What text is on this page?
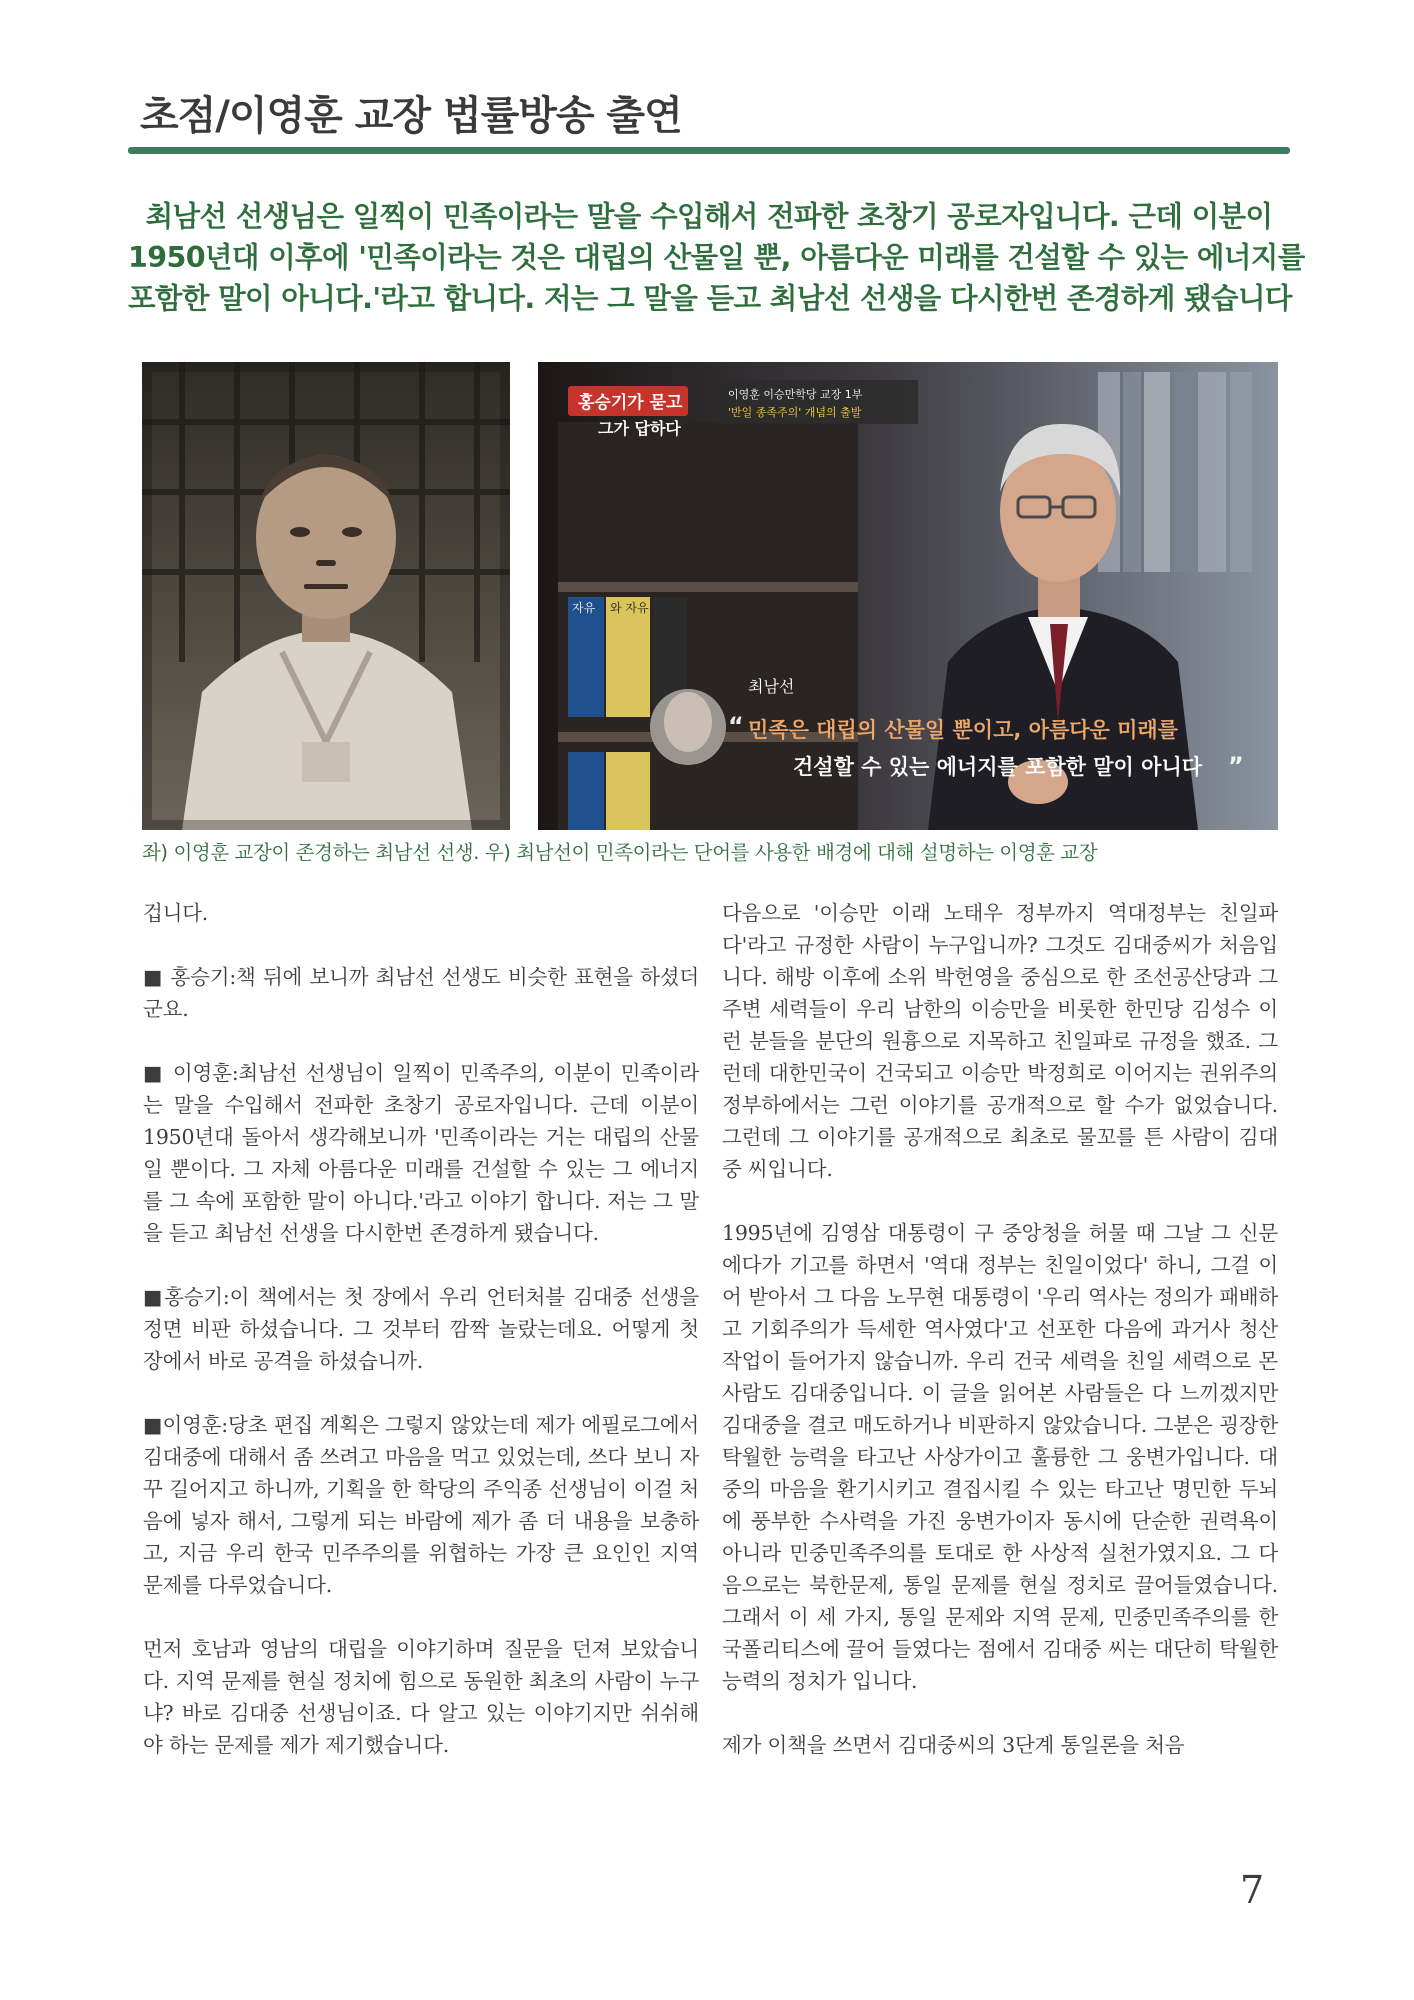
초점/이영훈 교장 법률방송 출연
최남선 선생님은 일찍이 민족이라는 말을 수입해서 전파한 초창기 공로자입니다. 근데 이분이
1950년대 이후에 '민족이라는 것은 대립의 산물일 뿐, 아름다운 미래를 건설할 수 있는 에너지를
포함한 말이 아니다.'라고 합니다. 저는 그 말을 듣고 최남선 선생을 다시한번 존경하게 됐습니다
홍승기가 묻고
그가 답하다
이영훈 이승만학당 교장 1부
'반일 종족주의' 개념의 출발
자유 와 자유
최남선
“ 민족은 대립의 산물일 뿐이고, 아름다운 미래를
건설할 수 있는 에너지를 포함한 말이 아니다 ”
좌) 이영훈 교장이 존경하는 최남선 선생. 우) 최남선이 민족이라는 단어를 사용한 배경에 대해 설명하는 이영훈 교장

겁니다.

■ 홍승기:책 뒤에 보니까 최남선 선생도 비슷한 표현을 하셨더군요.

■ 이영훈:최남선 선생님이 일찍이 민족주의, 이분이 민족이라는 말을 수입해서 전파한 초창기 공로자입니다. 근데 이분이 1950년대 돌아서 생각해보니까 '민족이라는 거는 대립의 산물일 뿐이다. 그 자체 아름다운 미래를 건설할 수 있는 그 에너지를 그 속에 포함한 말이 아니다.'라고 이야기 합니다. 저는 그 말을 듣고 최남선 선생을 다시한번 존경하게 됐습니다.

■홍승기:이 책에서는 첫 장에서 우리 언터처블 김대중 선생을 정면 비판 하셨습니다. 그 것부터 깜짝 놀랐는데요. 어떻게 첫 장에서 바로 공격을 하셨습니까.

■이영훈:당초 편집 계획은 그렇지 않았는데 제가 에필로그에서 김대중에 대해서 좀 쓰려고 마음을 먹고 있었는데, 쓰다 보니 자꾸 길어지고 하니까, 기획을 한 학당의 주익종 선생님이 이걸 처음에 넣자 해서, 그렇게 되는 바람에 제가 좀 더 내용을 보충하고, 지금 우리 한국 민주주의를 위협하는 가장 큰 요인인 지역 문제를 다루었습니다.

먼저 호남과 영남의 대립을 이야기하며 질문을 던져 보았습니다. 지역 문제를 현실 정치에 힘으로 동원한 최초의 사람이 누구냐? 바로 김대중 선생님이죠. 다 알고 있는 이야기지만 쉬쉬해야 하는 문제를 제가 제기했습니다.

다음으로 '이승만 이래 노태우 정부까지 역대정부는 친일파다'라고 규정한 사람이 누구입니까? 그것도 김대중씨가 처음입니다. 해방 이후에 소위 박헌영을 중심으로 한 조선공산당과 그 주변 세력들이 우리 남한의 이승만을 비롯한 한민당 김성수 이런 분들을 분단의 원흉으로 지목하고 친일파로 규정을 했죠. 그런데 대한민국이 건국되고 이승만 박정희로 이어지는 권위주의 정부하에서는 그런 이야기를 공개적으로 할 수가 없었습니다. 그런데 그 이야기를 공개적으로 최초로 물꼬를 튼 사람이 김대중 씨입니다.

1995년에 김영삼 대통령이 구 중앙청을 허물 때 그날 그 신문에다가 기고를 하면서 '역대 정부는 친일이었다' 하니, 그걸 이어 받아서 그 다음 노무현 대통령이 '우리 역사는 정의가 패배하고 기회주의가 득세한 역사였다'고 선포한 다음에 과거사 청산작업이 들어가지 않습니까. 우리 건국 세력을 친일 세력으로 몬 사람도 김대중입니다. 이 글을 읽어본 사람들은 다 느끼겠지만 김대중을 결코 매도하거나 비판하지 않았습니다. 그분은 굉장한 탁월한 능력을 타고난 사상가이고 훌륭한 그 웅변가입니다. 대중의 마음을 환기시키고 결집시킬 수 있는 타고난 명민한 두뇌에 풍부한 수사력을 가진 웅변가이자 동시에 단순한 권력욕이 아니라 민중민족주의를 토대로 한 사상적 실천가였지요. 그 다음으로는 북한문제, 통일 문제를 현실 정치로 끌어들였습니다. 그래서 이 세 가지, 통일 문제와 지역 문제, 민중민족주의를 한 국폴리티스에 끌어 들였다는 점에서 김대중 씨는 대단히 탁월한 능력의 정치가 입니다.

제가 이책을 쓰면서 김대중씨의 3단계 통일론을 처음

7
